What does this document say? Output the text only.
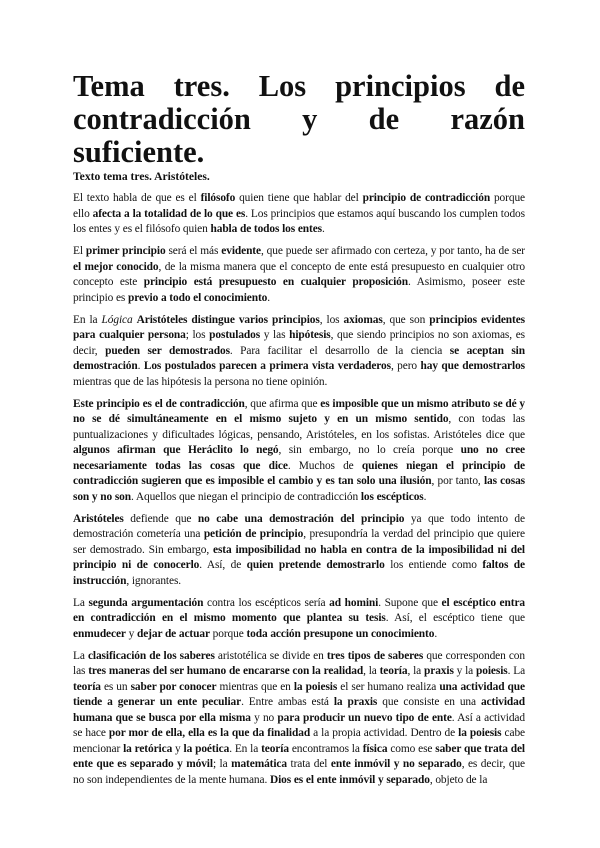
Tema tres. Los principios de contradicción y de razón suficiente.
Texto tema tres. Aristóteles.

El texto habla de que es el filósofo quien tiene que hablar del principio de contradicción porque ello afecta a la totalidad de lo que es. Los principios que estamos aquí buscando los cumplen todos los entes y es el filósofo quien habla de todos los entes.

El primer principio será el más evidente, que puede ser afirmado con certeza, y por tanto, ha de ser el mejor conocido, de la misma manera que el concepto de ente está presupuesto en cualquier otro concepto este principio está presupuesto en cualquier proposición. Asimismo, poseer este principio es previo a todo el conocimiento.

En la Lógica Aristóteles distingue varios principios, los axiomas, que son principios evidentes para cualquier persona; los postulados y las hipótesis, que siendo principios no son axiomas, es decir, pueden ser demostrados. Para facilitar el desarrollo de la ciencia se aceptan sin demostración. Los postulados parecen a primera vista verdaderos, pero hay que demostrarlos mientras que de las hipótesis la persona no tiene opinión.

Este principio es el de contradicción, que afirma que es imposible que un mismo atributo se dé y no se dé simultáneamente en el mismo sujeto y en un mismo sentido, con todas las puntualizaciones y dificultades lógicas, pensando, Aristóteles, en los sofistas. Aristóteles dice que algunos afirman que Heráclito lo negó, sin embargo, no lo creía porque uno no cree necesariamente todas las cosas que dice. Muchos de quienes niegan el principio de contradicción sugieren que es imposible el cambio y es tan solo una ilusión, por tanto, las cosas son y no son. Aquellos que niegan el principio de contradicción los escépticos.

Aristóteles defiende que no cabe una demostración del principio ya que todo intento de demostración cometería una petición de principio, presupondría la verdad del principio que quiere ser demostrado. Sin embargo, esta imposibilidad no habla en contra de la imposibilidad ni del principio ni de conocerlo. Así, de quien pretende demostrarlo los entiende como faltos de instrucción, ignorantes.

La segunda argumentación contra los escépticos sería ad homini. Supone que el escéptico entra en contradicción en el mismo momento que plantea su tesis. Así, el escéptico tiene que enmudecer y dejar de actuar porque toda acción presupone un conocimiento.

La clasificación de los saberes aristotélica se divide en tres tipos de saberes que corresponden con las tres maneras del ser humano de encararse con la realidad, la teoría, la praxis y la poiesis. La teoría es un saber por conocer mientras que en la poiesis el ser humano realiza una actividad que tiende a generar un ente peculiar. Entre ambas está la praxis que consiste en una actividad humana que se busca por ella misma y no para producir un nuevo tipo de ente. Así a actividad se hace por mor de ella, ella es la que da finalidad a la propia actividad. Dentro de la poiesis cabe mencionar la retórica y la poética. En la teoría encontramos la física como ese saber que trata del ente que es separado y móvil; la matemática trata del ente inmóvil y no separado, es decir, que no son independientes de la mente humana. Dios es el ente inmóvil y separado, objeto de la
